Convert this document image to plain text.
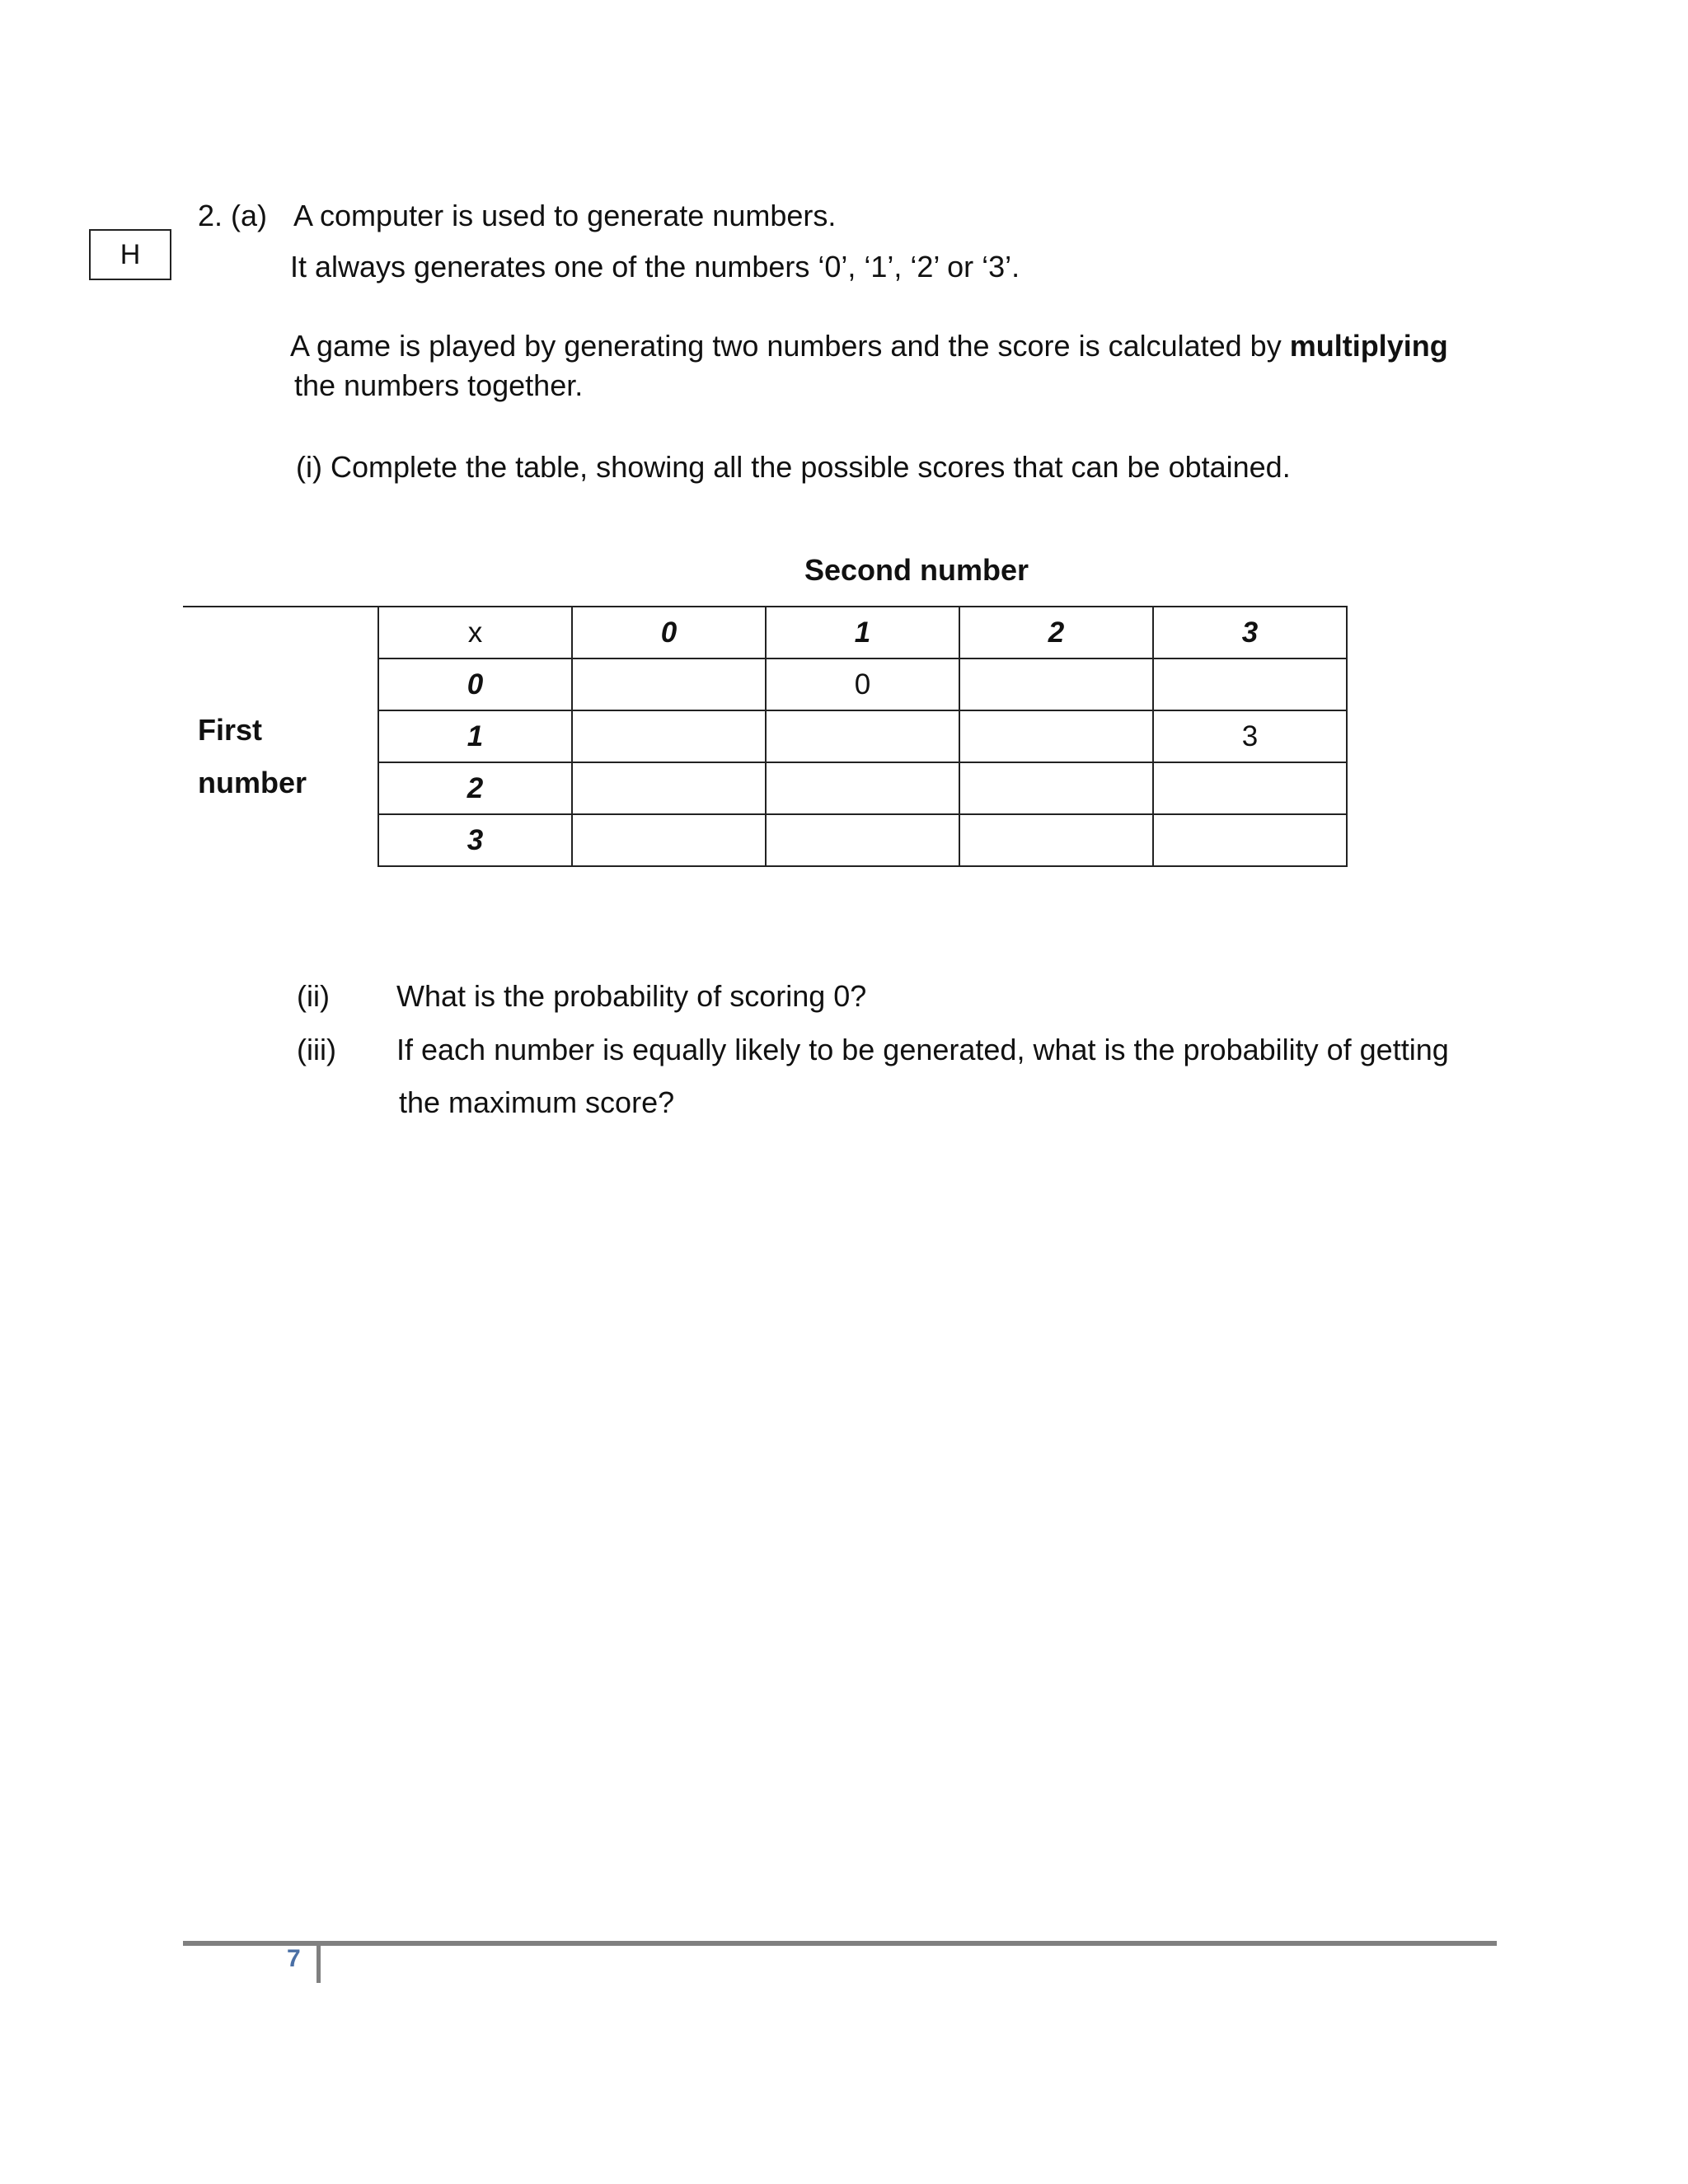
H
2. (a) A computer is used to generate numbers.
It always generates one of the numbers ‘0’, ‘1’, ‘2’ or ‘3’.
A game is played by generating two numbers and the score is calculated by multiplying
the numbers together.
(i) Complete the table, showing all the possible scores that can be obtained.
Second number
First
number
x	0	1	2	3
0		0		
1				3
2				
3				
(ii) What is the probability of scoring 0?
(iii) If each number is equally likely to be generated, what is the probability of getting
the maximum score?
7
